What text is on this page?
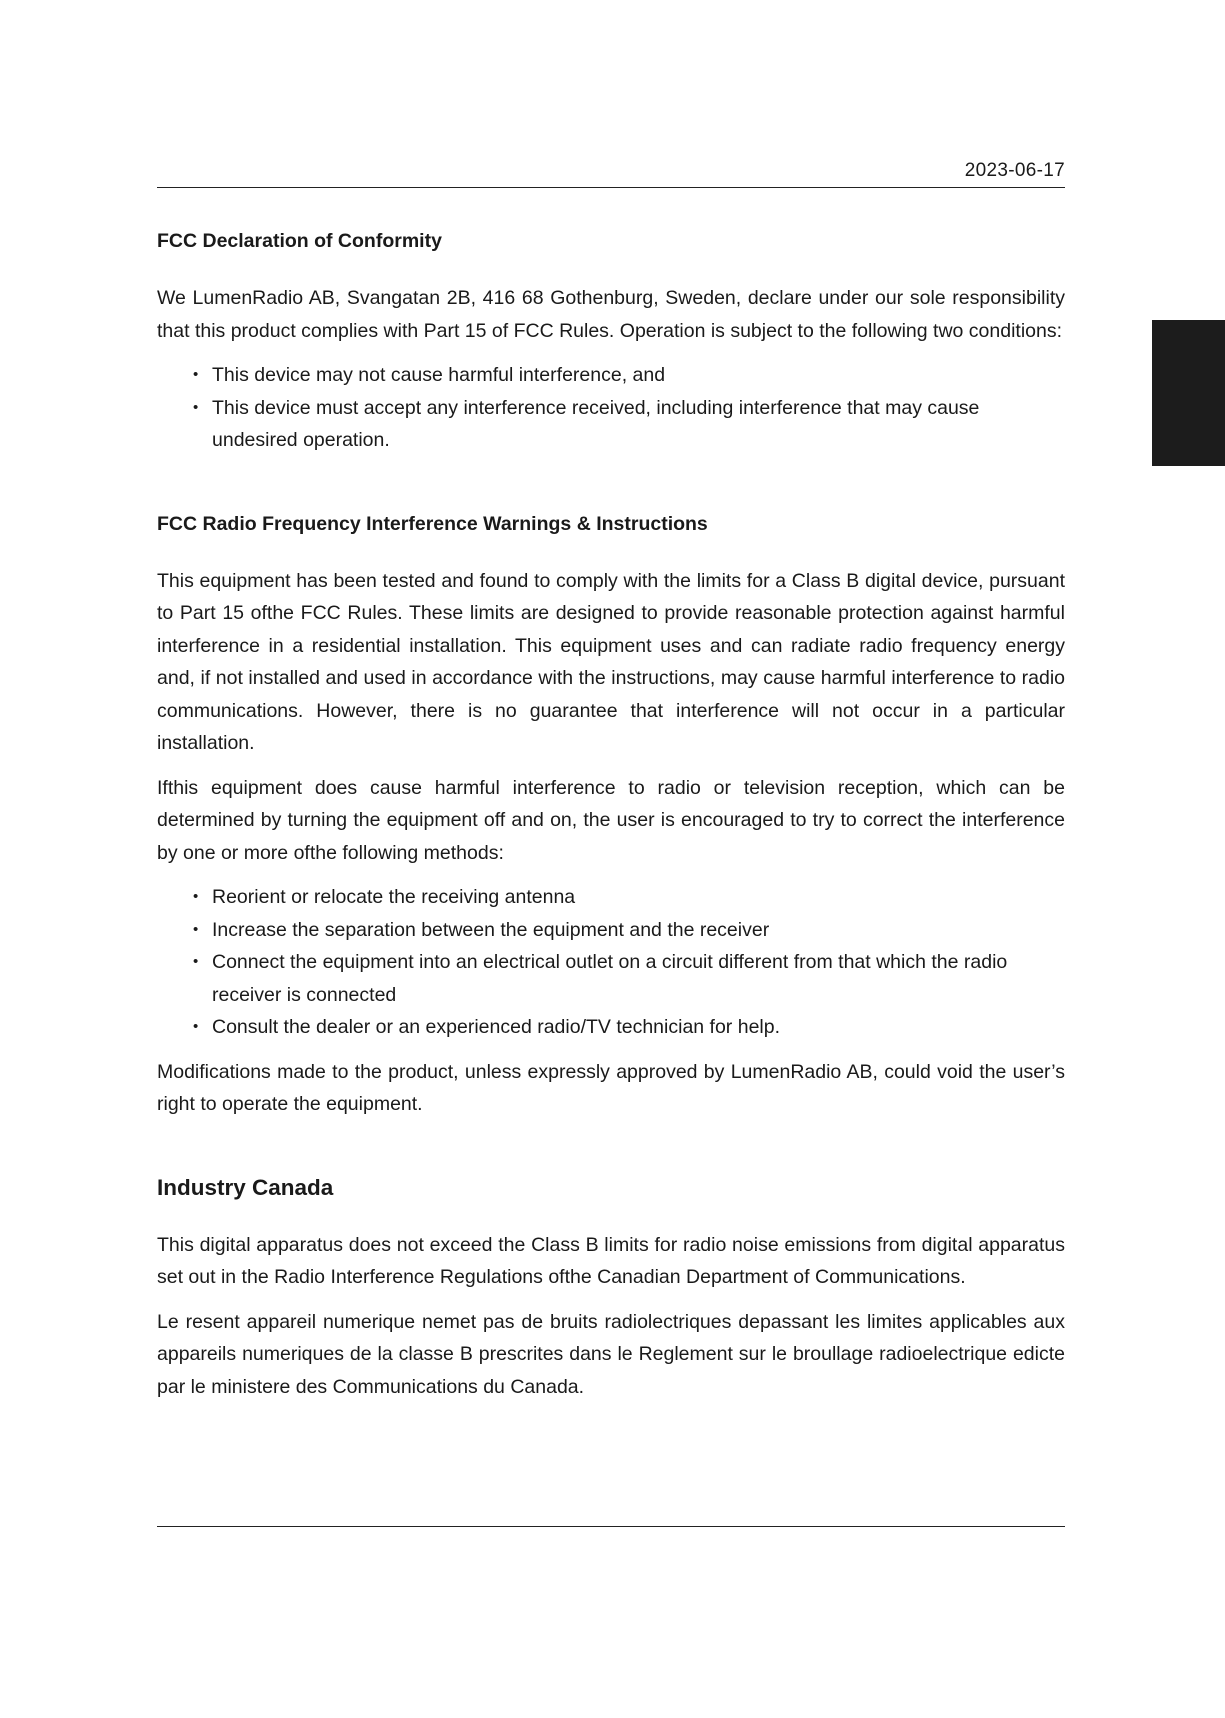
2023-06-17
FCC Declaration of Conformity

We LumenRadio AB, Svangatan 2B, 416 68 Gothenburg, Sweden, declare under our sole responsibility that this product complies with Part 15 of FCC Rules. Operation is subject to the following two conditions:

• This device may not cause harmful interference, and
• This device must accept any interference received, including interference that may cause undesired operation.
FCC Radio Frequency Interference Warnings & Instructions

This equipment has been tested and found to comply with the limits for a Class B digital device, pursuant to Part 15 ofthe FCC Rules. These limits are designed to provide reasonable protection against harmful interference in a residential installation. This equipment uses and can radiate radio frequency energy and, if not installed and used in accordance with the instructions, may cause harmful interference to radio communications. However, there is no guarantee that interference will not occur in a particular installation.

Ifthis equipment does cause harmful interference to radio or television reception, which can be determined by turning the equipment off and on, the user is encouraged to try to correct the interference by one or more ofthe following methods:

• Reorient or relocate the receiving antenna
• Increase the separation between the equipment and the receiver
• Connect the equipment into an electrical outlet on a circuit different from that which the radio receiver is connected
• Consult the dealer or an experienced radio/TV technician for help.

Modifications made to the product, unless expressly approved by LumenRadio AB, could void the user’s right to operate the equipment.

Industry Canada

This digital apparatus does not exceed the Class B limits for radio noise emissions from digital apparatus set out in the Radio Interference Regulations ofthe Canadian Department of Communications.

Le resent appareil numerique nemet pas de bruits radiolectriques depassant les limites applicables aux appareils numeriques de la classe B prescrites dans le Reglement sur le broullage radioelectrique edicte par le ministere des Communications du Canada.
